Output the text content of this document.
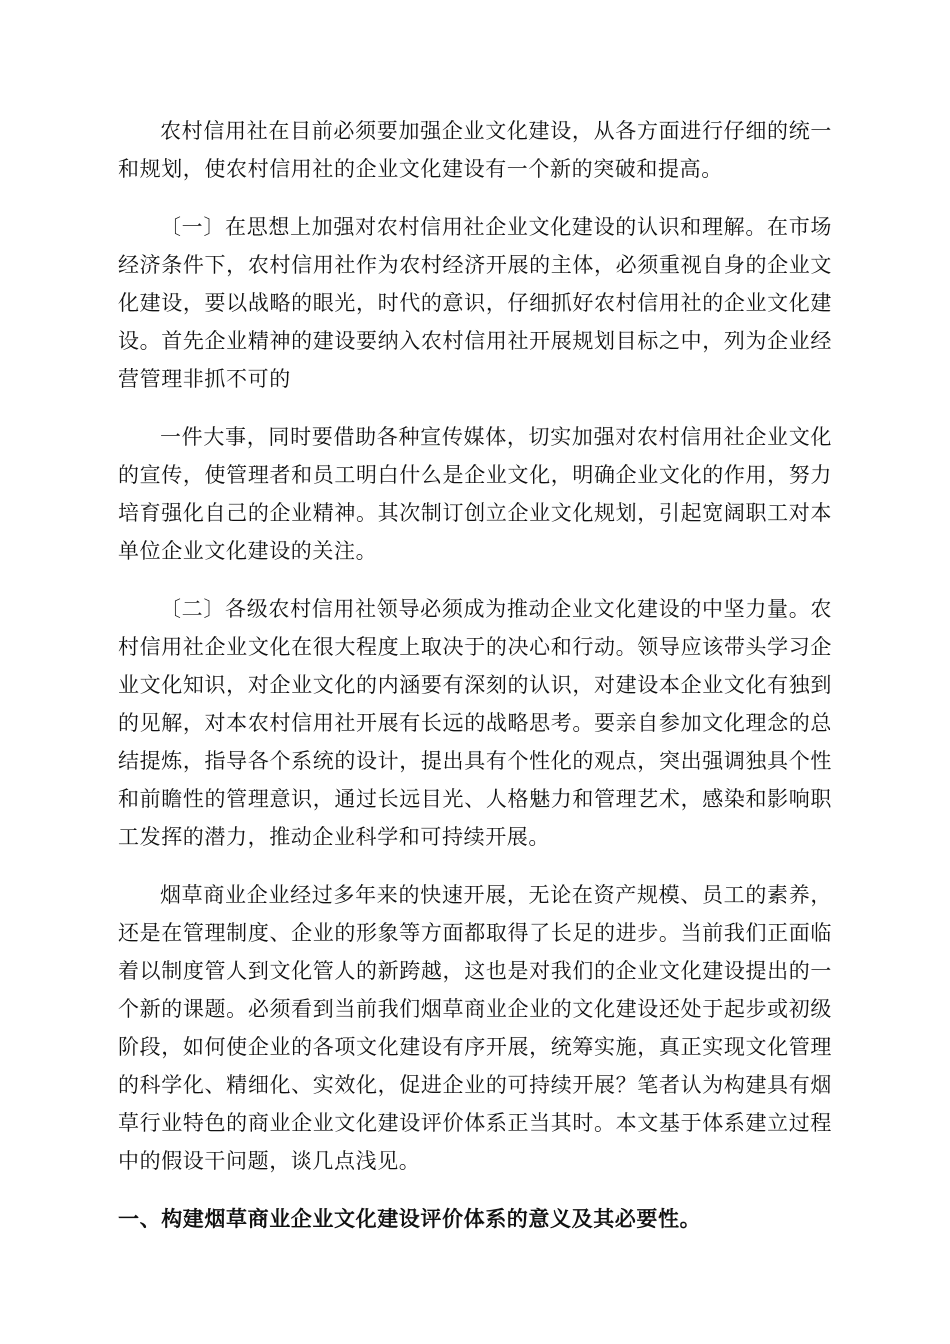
农村信用社在目前必须要加强企业文化建设，从各方面进行仔细的统一和规划，使农村信用社的企业文化建设有一个新的突破和提高。

〔一〕在思想上加强对农村信用社企业文化建设的认识和理解。在市场经济条件下，农村信用社作为农村经济开展的主体，必须重视自身的企业文化建设，要以战略的眼光，时代的意识，仔细抓好农村信用社的企业文化建设。首先企业精神的建设要纳入农村信用社开展规划目标之中，列为企业经营管理非抓不可的

一件大事，同时要借助各种宣传媒体，切实加强对农村信用社企业文化的宣传，使管理者和员工明白什么是企业文化，明确企业文化的作用，努力培育强化自己的企业精神。其次制订创立企业文化规划，引起宽阔职工对本单位企业文化建设的关注。

〔二〕各级农村信用社领导必须成为推动企业文化建设的中坚力量。农村信用社企业文化在很大程度上取决于的决心和行动。领导应该带头学习企业文化知识，对企业文化的内涵要有深刻的认识，对建设本企业文化有独到的见解，对本农村信用社开展有长远的战略思考。要亲自参加文化理念的总结提炼，指导各个系统的设计，提出具有个性化的观点，突出强调独具个性和前瞻性的管理意识，通过长远目光、人格魅力和管理艺术，感染和影响职工发挥的潜力，推动企业科学和可持续开展。

烟草商业企业经过多年来的快速开展，无论在资产规模、员工的素养，还是在管理制度、企业的形象等方面都取得了长足的进步。当前我们正面临着以制度管人到文化管人的新跨越，这也是对我们的企业文化建设提出的一个新的课题。必须看到当前我们烟草商业企业的文化建设还处于起步或初级阶段，如何使企业的各项文化建设有序开展，统筹实施，真正实现文化管理的科学化、精细化、实效化，促进企业的可持续开展？笔者认为构建具有烟草行业特色的商业企业文化建设评价体系正当其时。本文基于体系建立过程中的假设干问题，谈几点浅见。

一、构建烟草商业企业文化建设评价体系的意义及其必要性。
